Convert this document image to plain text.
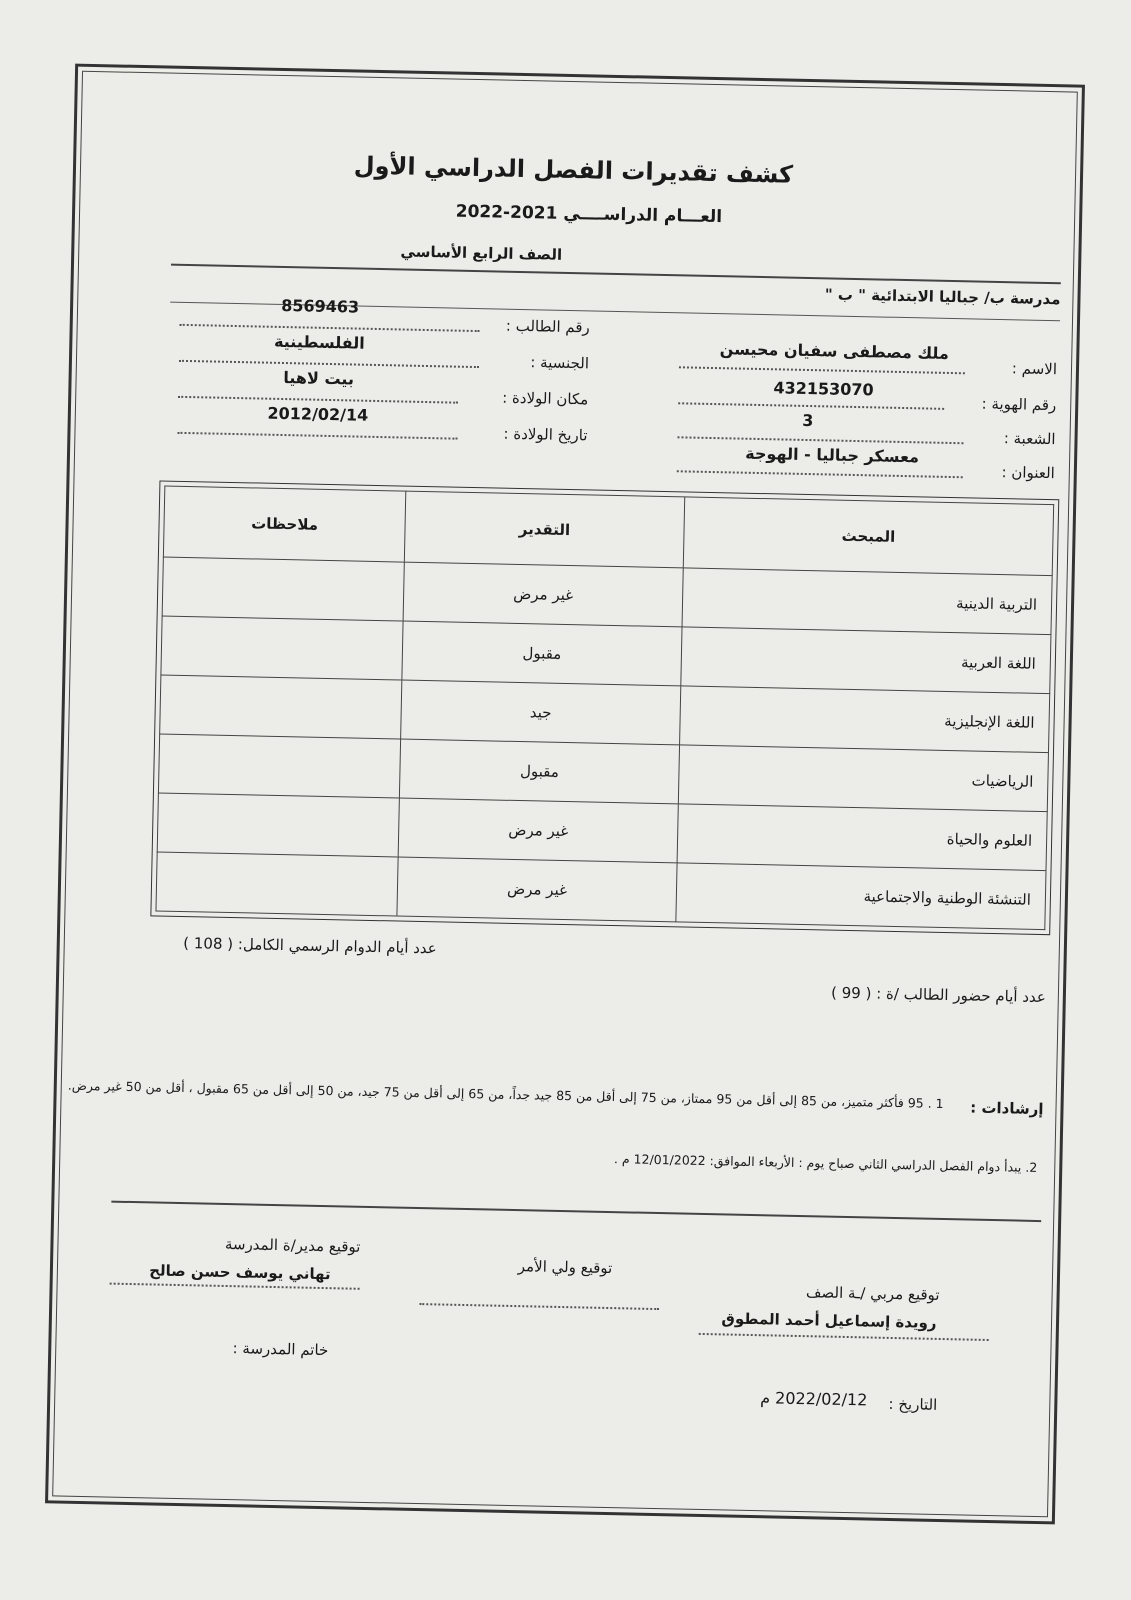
كشف تقديرات الفصل الدراسي الأول
العـــام الدراســــي 2021-2022
الصف الرابع الأساسي
مدرسة ب/ جباليا الابتدائية " ب "
الاسم :
ملك مصطفى سفيان محيسن
رقم الهوية :
432153070
الشعبة :
3
العنوان :
معسكر جباليا - الهوجة
رقم الطالب :
8569463
الجنسية :
الفلسطينية
مكان الولادة :
بيت لاهيا
تاريخ الولادة :
2012/02/14
المبحث	التقدير	ملاحظات
التربية الدينية	غير مرض	
اللغة العربية	مقبول	
اللغة الإنجليزية	جيد	
الرياضيات	مقبول	
العلوم والحياة	غير مرض	
التنشئة الوطنية والاجتماعية	غير مرض	
عدد أيام الدوام الرسمي الكامل: ( 108 )
عدد أيام حضور الطالب /ة : ( 99 )
إرشادات :
1 . 95 فأكثر متميز، من 85 إلى أقل من 95 ممتاز، من 75 إلى أقل من 85 جيد جداً، من 65 إلى أقل من 75 جيد، من 50 إلى أقل من 65 مقبول ، أقل من 50 غير مرض.
2. يبدأ دوام الفصل الدراسي الثاني صباح يوم : الأربعاء الموافق: 12/01/2022 م .
توقيع مدير/ة المدرسة
تهاني يوسف حسن صالح	توقيع ولي الأمر
توقيع مربي /ـة الصف
رويدة إسماعيل أحمد المطوق
خاتم المدرسة :
التاريخ :
2022/02/12 م
